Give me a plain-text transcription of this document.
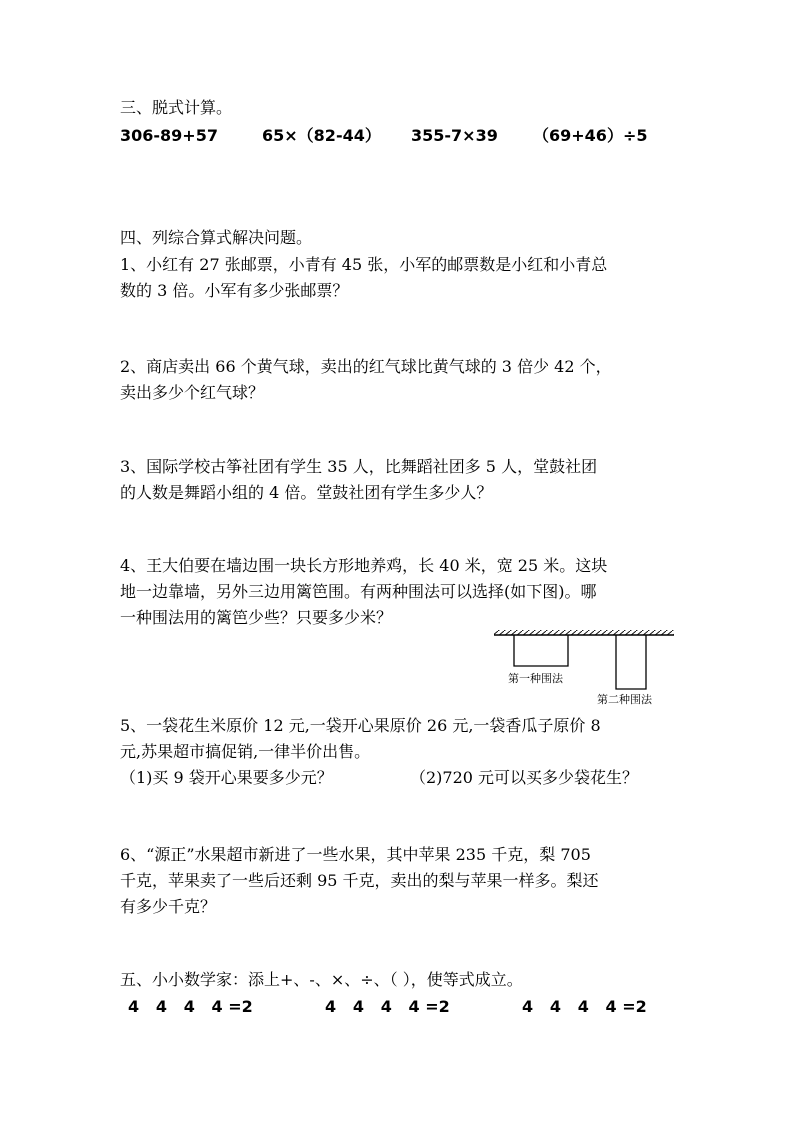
三、脱式计算。
306-89+57	65×（82-44） 355-7×39 （69+46）÷5
四、列综合算式解决问题。
1、小红有 27 张邮票，小青有 45 张，小军的邮票数是小红和小青总
数的 3 倍。小军有多少张邮票？
2、商店卖出 66 个黄气球，卖出的红气球比黄气球的 3 倍少 42 个，
卖出多少个红气球？
3、国际学校古筝社团有学生 35 人，比舞蹈社团多 5 人，堂鼓社团
的人数是舞蹈小组的 4 倍。堂鼓社团有学生多少人？
4、王大伯要在墙边围一块长方形地养鸡，长 40 米，宽 25 米。这块
地一边靠墙，另外三边用篱笆围。有两种围法可以选择(如下图)。哪
一种围法用的篱笆少些？只要多少米？
第一种围法
第二种围法
5、一袋花生米原价 12 元,一袋开心果原价 26 元,一袋香瓜子原价 8
元,苏果超市搞促销,一律半价出售。
（1)买 9 袋开心果要多少元？	（2)720 元可以买多少袋花生？
6、“源正”水果超市新进了一些水果，其中苹果 235 千克，梨 705
千克，苹果卖了一些后还剩 95 千克，卖出的梨与苹果一样多。梨还
有多少千克？
五、小小数学家：添上+、-、×、÷、（ ），使等式成立。
4   4   4   4 =2	4   4   4   4 =2	4   4   4   4 =2
